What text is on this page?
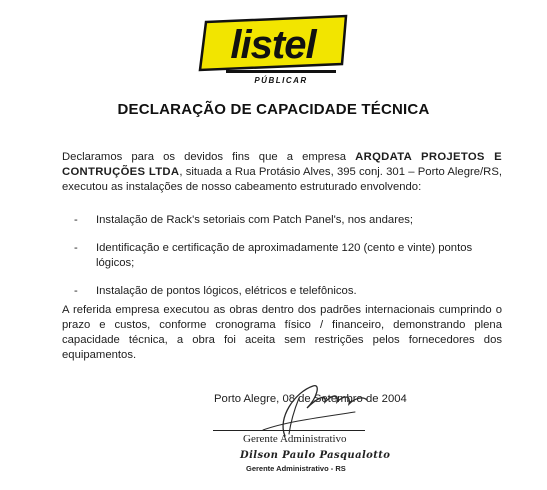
listel
PÚBLICAR
DECLARAÇÃO DE CAPACIDADE TÉCNICA
Declaramos para os devidos fins que a empresa ARQDATA PROJETOS E CONTRUÇÕES LTDA, situada a Rua Protásio Alves, 395 conj. 301 – Porto Alegre/RS, executou as instalações de nosso cabeamento estruturado envolvendo:
- Instalação de Rack's setoriais com Patch Panel's, nos andares;
- Identificação e certificação de aproximadamente 120 (cento e vinte) pontos lógicos;
- Instalação de pontos lógicos, elétricos e telefônicos.
A referida empresa executou as obras dentro dos padrões internacionais cumprindo o prazo e custos, conforme cronograma físico / financeiro, demonstrando plena capacidade técnica, a obra foi aceita sem restrições pelos fornecedores dos equipamentos.
Porto Alegre, 08 de Setembro de 2004
Gerente Administrativo
Dilson Paulo Pasqualotto
Gerente Administrativo - RS
